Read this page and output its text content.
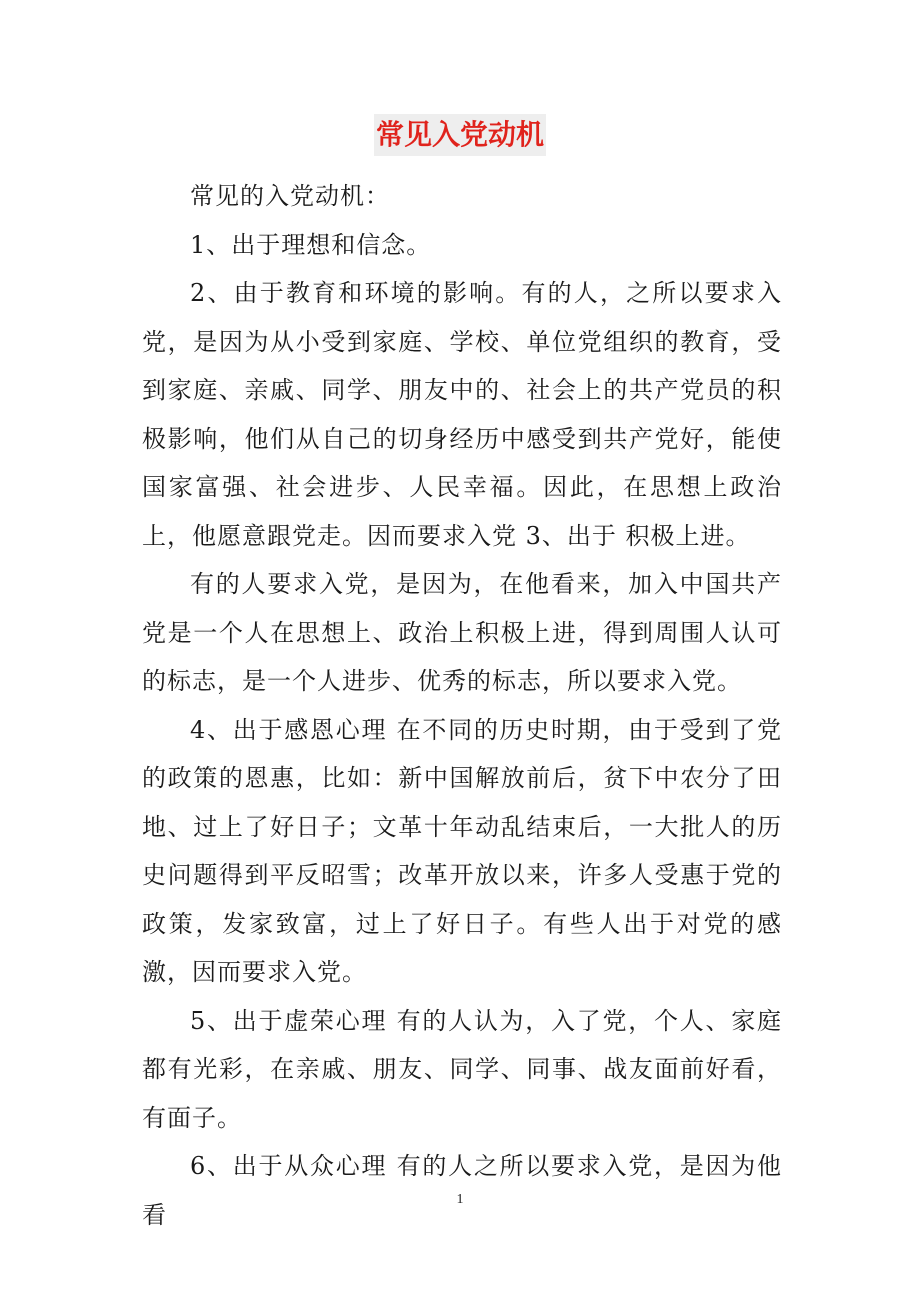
常见入党动机

常见的入党动机：

1、出于理想和信念。

2、由于教育和环境的影响。有的人，之所以要求入党，是因为从小受到家庭、学校、单位党组织的教育，受到家庭、亲戚、同学、朋友中的、社会上的共产党员的积极影响，他们从自己的切身经历中感受到共产党好，能使国家富强、社会进步、人民幸福。因此，在思想上政治上，他愿意跟党走。因而要求入党 3、出于 积极上进。

有的人要求入党，是因为，在他看来，加入中国共产党是一个人在思想上、政治上积极上进，得到周围人认可的标志，是一个人进步、优秀的标志，所以要求入党。

4、出于感恩心理 在不同的历史时期，由于受到了党的政策的恩惠，比如：新中国解放前后，贫下中农分了田地、过上了好日子；文革十年动乱结束后，一大批人的历史问题得到平反昭雪；改革开放以来，许多人受惠于党的政策，发家致富，过上了好日子。有些人出于对党的感激，因而要求入党。

5、出于虚荣心理 有的人认为，入了党，个人、家庭都有光彩，在亲戚、朋友、同学、同事、战友面前好看，有面子。

6、出于从众心理 有的人之所以要求入党，是因为他看

1
